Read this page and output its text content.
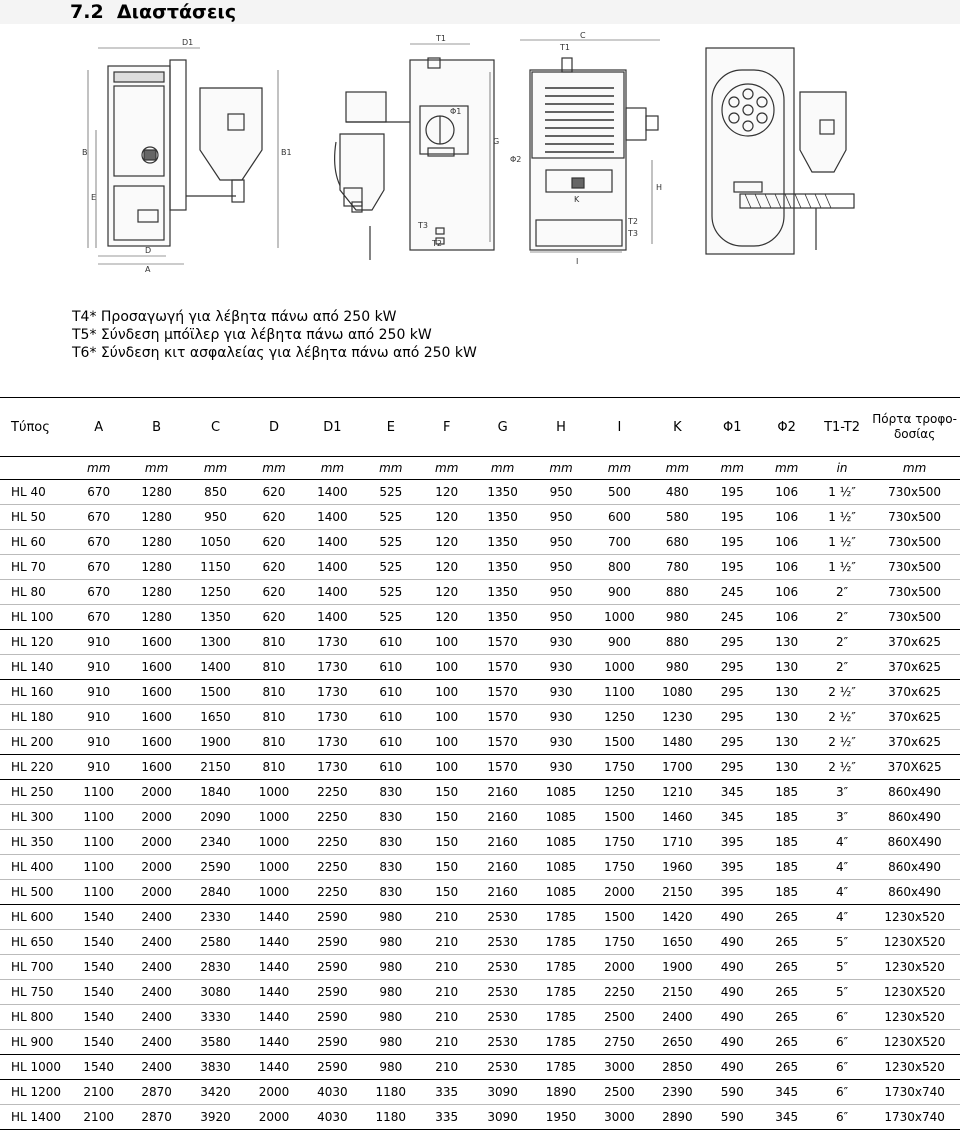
7.2 Διαστάσεις
D1
B	B1
E
D
A
T1
Φ1
G
T3
T2
C
T1
Φ2
K
H
T2
T3
I
T4* Προσαγωγή για λέβητα πάνω από 250 kW
T5* Σύνδεση μπόϊλερ για λέβητα πάνω από 250 kW
T6* Σύνδεση κιτ ασφαλείας για λέβητα πάνω από 250 kW
Τύπος	A	B	C	D	D1	E	F	G	H	I	K	Φ1	Φ2	T1-T2	Πόρτα τροφο-δοσίας
	mm	mm	mm	mm	mm	mm	mm	mm	mm	mm	mm	mm	mm	in	mm
HL 40	670	1280	850	620	1400	525	120	1350	950	500	480	195	106	1 ½″	730x500
HL 50	670	1280	950	620	1400	525	120	1350	950	600	580	195	106	1 ½″	730x500
HL 60	670	1280	1050	620	1400	525	120	1350	950	700	680	195	106	1 ½″	730x500
HL 70	670	1280	1150	620	1400	525	120	1350	950	800	780	195	106	1 ½″	730x500
HL 80	670	1280	1250	620	1400	525	120	1350	950	900	880	245	106	2″	730x500
HL 100	670	1280	1350	620	1400	525	120	1350	950	1000	980	245	106	2″	730x500
HL 120	910	1600	1300	810	1730	610	100	1570	930	900	880	295	130	2″	370x625
HL 140	910	1600	1400	810	1730	610	100	1570	930	1000	980	295	130	2″	370x625
HL 160	910	1600	1500	810	1730	610	100	1570	930	1100	1080	295	130	2 ½″	370x625
HL 180	910	1600	1650	810	1730	610	100	1570	930	1250	1230	295	130	2 ½″	370x625
HL 200	910	1600	1900	810	1730	610	100	1570	930	1500	1480	295	130	2 ½″	370x625
HL 220	910	1600	2150	810	1730	610	100	1570	930	1750	1700	295	130	2 ½″	370X625
HL 250	1100	2000	1840	1000	2250	830	150	2160	1085	1250	1210	345	185	3″	860x490
HL 300	1100	2000	2090	1000	2250	830	150	2160	1085	1500	1460	345	185	3″	860x490
HL 350	1100	2000	2340	1000	2250	830	150	2160	1085	1750	1710	395	185	4″	860X490
HL 400	1100	2000	2590	1000	2250	830	150	2160	1085	1750	1960	395	185	4″	860x490
HL 500	1100	2000	2840	1000	2250	830	150	2160	1085	2000	2150	395	185	4″	860x490
HL 600	1540	2400	2330	1440	2590	980	210	2530	1785	1500	1420	490	265	4″	1230x520
HL 650	1540	2400	2580	1440	2590	980	210	2530	1785	1750	1650	490	265	5″	1230X520
HL 700	1540	2400	2830	1440	2590	980	210	2530	1785	2000	1900	490	265	5″	1230x520
HL 750	1540	2400	3080	1440	2590	980	210	2530	1785	2250	2150	490	265	5″	1230X520
HL 800	1540	2400	3330	1440	2590	980	210	2530	1785	2500	2400	490	265	6″	1230x520
HL 900	1540	2400	3580	1440	2590	980	210	2530	1785	2750	2650	490	265	6″	1230X520
HL 1000	1540	2400	3830	1440	2590	980	210	2530	1785	3000	2850	490	265	6″	1230x520
HL 1200	2100	2870	3420	2000	4030	1180	335	3090	1890	2500	2390	590	345	6″	1730x740
HL 1400	2100	2870	3920	2000	4030	1180	335	3090	1950	3000	2890	590	345	6″	1730x740
